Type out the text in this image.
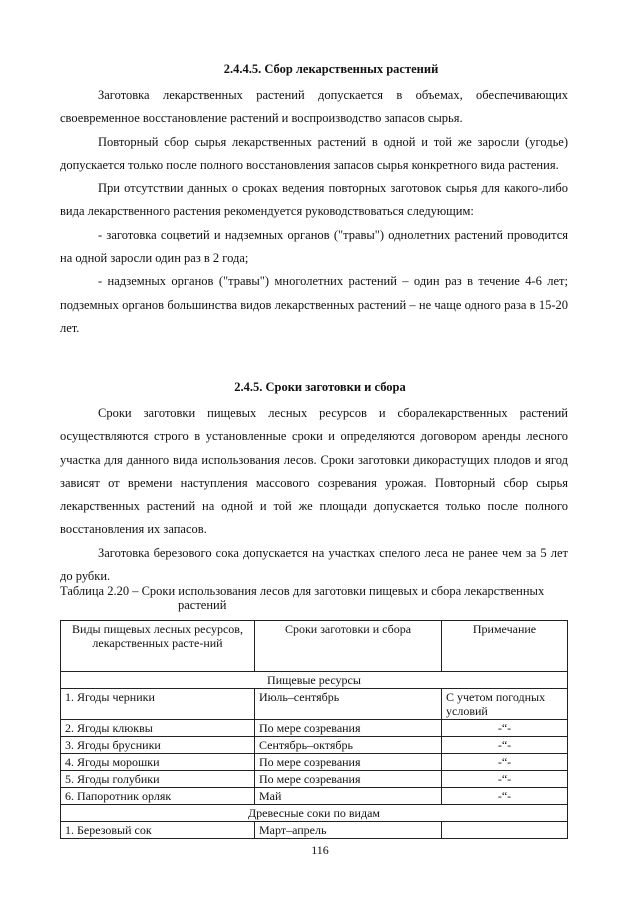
2.4.4.5. Сбор лекарственных растений

Заготовка лекарственных растений допускается в объемах, обеспечивающих своевременное восстановление растений и воспроизводство запасов сырья.

Повторный сбор сырья лекарственных растений в одной и той же заросли (угодье) допускается только после полного восстановления запасов сырья конкретного вида растения.

При отсутствии данных о сроках ведения повторных заготовок сырья для какого-либо вида лекарственного растения рекомендуется руководствоваться следующим:

- заготовка соцветий и надземных органов ("травы") однолетних растений проводится на одной заросли один раз в 2 года;

- надземных органов ("травы") многолетних растений – один раз в течение 4-6 лет; подземных органов большинства видов лекарственных растений – не чаще одного раза в 15-20 лет.

2.4.5. Сроки заготовки и сбора

Сроки заготовки пищевых лесных ресурсов и сборалекарственных растений осуществляются строго в установленные сроки и определяются договором аренды лесного участка для данного вида использования лесов. Сроки заготовки дикорастущих плодов и ягод зависят от времени наступления массового созревания урожая. Повторный сбор сырья лекарственных растений на одной и той же площади допускается только после полного восстановления их запасов.

Заготовка березового сока допускается на участках спелого леса не ранее чем за 5 лет до рубки.

Таблица 2.20 – Сроки использования лесов для заготовки пищевых и сбора лекарственных
растений
Виды пищевых лесных ресурсов, лекарственных расте-ний	Сроки заготовки и сбора	Примечание
Пищевые ресурсы		
1. Ягоды черники	Июль–сентябрь	С учетом погодных условий
2. Ягоды клюквы	По мере созревания	-“-
3. Ягоды брусники	Сентябрь–октябрь	-“-
4. Ягоды морошки	По мере созревания	-“-
5. Ягоды голубики	По мере созревания	-“-
6. Папоротник орляк	Май	-“-
Древесные соки по видам		
1. Березовый сок	Март–апрель	
116
